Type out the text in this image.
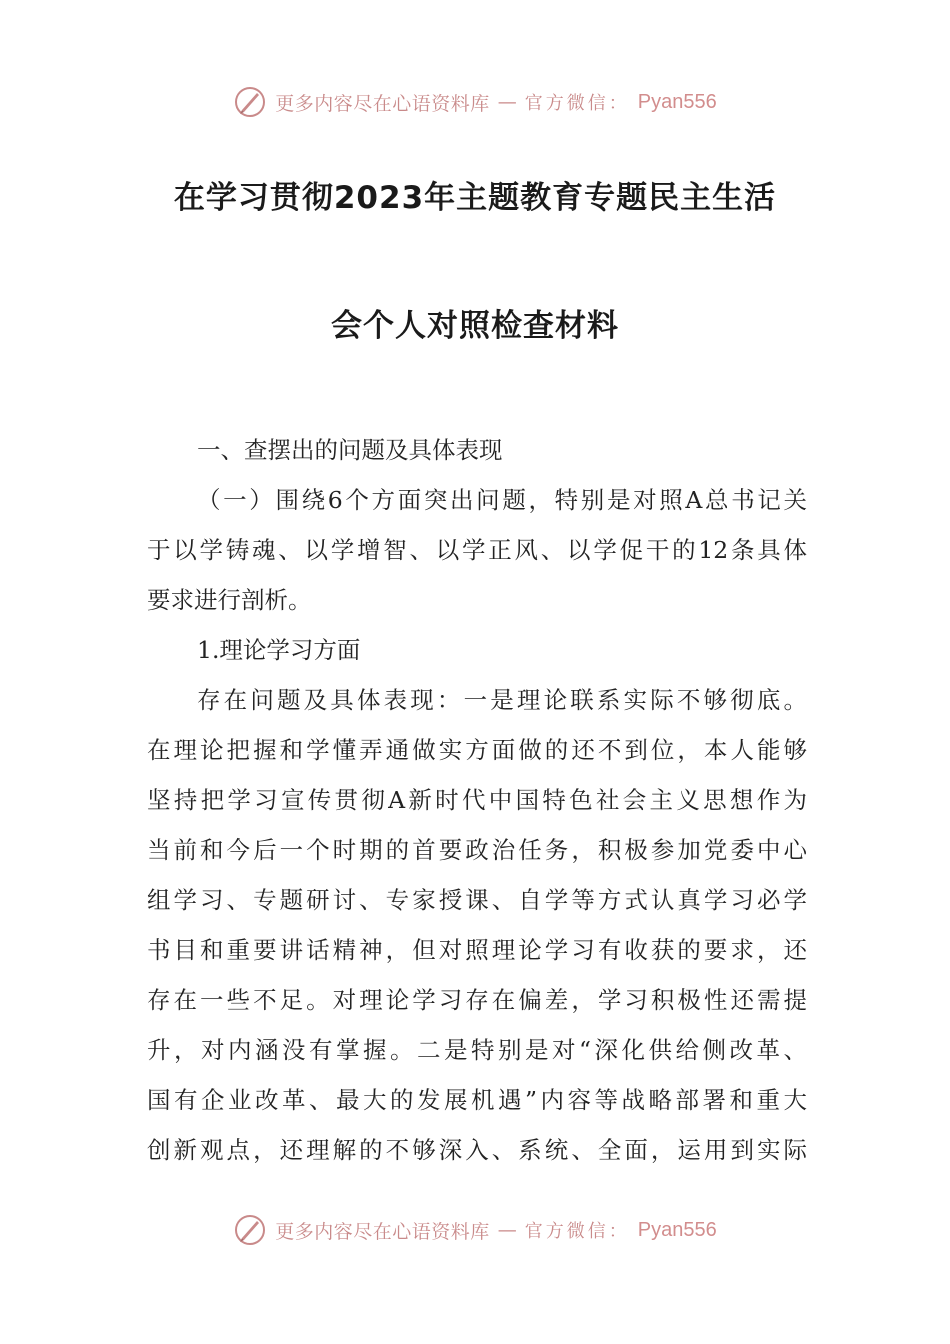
更多内容尽在心语资料库 — 官方微信： Pyan556
在学习贯彻2023年主题教育专题民主生活
会个人对照检查材料
一、查摆出的问题及具体表现
（一）围绕6个方面突出问题，特别是对照A总书记关
于以学铸魂、以学增智、以学正风、以学促干的12条具体
要求进行剖析。
1.理论学习方面
存在问题及具体表现：一是理论联系实际不够彻底。
在理论把握和学懂弄通做实方面做的还不到位，本人能够
坚持把学习宣传贯彻A新时代中国特色社会主义思想作为
当前和今后一个时期的首要政治任务，积极参加党委中心
组学习、专题研讨、专家授课、自学等方式认真学习必学
书目和重要讲话精神，但对照理论学习有收获的要求，还
存在一些不足。对理论学习存在偏差，学习积极性还需提
升，对内涵没有掌握。二是特别是对“深化供给侧改革、
国有企业改革、最大的发展机遇”内容等战略部署和重大
创新观点，还理解的不够深入、系统、全面，运用到实际
更多内容尽在心语资料库 — 官方微信： Pyan556
